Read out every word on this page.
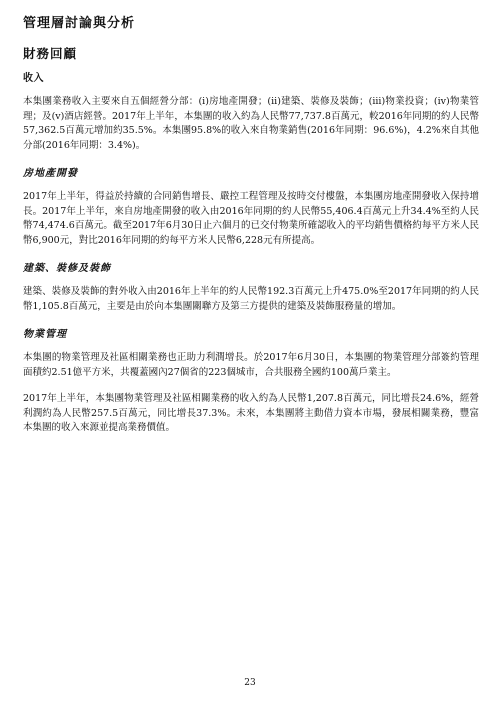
管理層討論與分析
財務回顧
收入

本集團業務收入主要來自五個經營分部：(i)房地產開發；(ii)建築、裝修及裝飾；(iii)物業投資；(iv)物業管理；及(v)酒店經營。2017年上半年，本集團的收入約為人民幣77,737.8百萬元，較2016年同期的約人民幣57,362.5百萬元增加約35.5%。本集團95.8%的收入來自物業銷售(2016年同期：96.6%)，4.2%來自其他分部(2016年同期：3.4%)。

房地產開發

2017年上半年，得益於持續的合同銷售增長、嚴控工程管理及按時交付樓盤，本集團房地產開發收入保持增長。2017年上半年，來自房地產開發的收入由2016年同期的約人民幣55,406.4百萬元上升34.4%至約人民幣74,474.6百萬元。截至2017年6月30日止六個月的已交付物業所確認收入的平均銷售價格約每平方米人民幣6,900元，對比2016年同期的約每平方米人民幣6,228元有所提高。

建築、裝修及裝飾

建築、裝修及裝飾的對外收入由2016年上半年的約人民幣192.3百萬元上升475.0%至2017年同期的約人民幣1,105.8百萬元，主要是由於向本集團關聯方及第三方提供的建築及裝飾服務量的增加。

物業管理

本集團的物業管理及社區相關業務也正助力利潤增長。於2017年6月30日，本集團的物業管理分部簽約管理面積約2.51億平方米，共覆蓋國內27個省的223個城市，合共服務全國約100萬戶業主。

2017年上半年，本集團物業管理及社區相關業務的收入約為人民幣1,207.8百萬元，同比增長24.6%，經營利潤約為人民幣257.5百萬元，同比增長37.3%。未來，本集團將主動借力資本市場，發展相關業務，豐富本集團的收入來源並提高業務價值。

23
